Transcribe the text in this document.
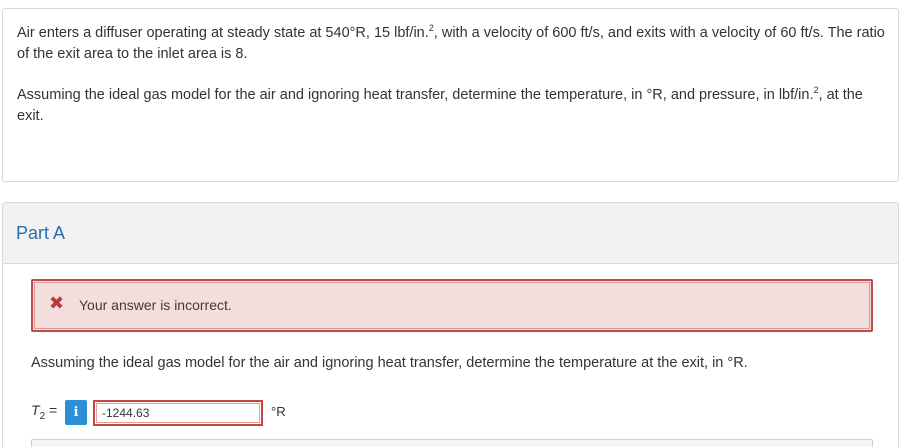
Air enters a diffuser operating at steady state at 540°R, 15 lbf/in.$^2$, with a velocity of 600 ft/s, and exits with a velocity of 60 ft/s. The ratio of the exit area to the inlet area is 8.
Assuming the ideal gas model for the air and ignoring heat transfer, determine the temperature, in °R, and pressure, in lbf/in.$^2$, at the exit.
Part A
✖ Your answer is incorrect.
Assuming the ideal gas model for the air and ignoring heat transfer, determine the temperature at the exit, in °R.
$T_2$ =	i
-1244.63	°R
